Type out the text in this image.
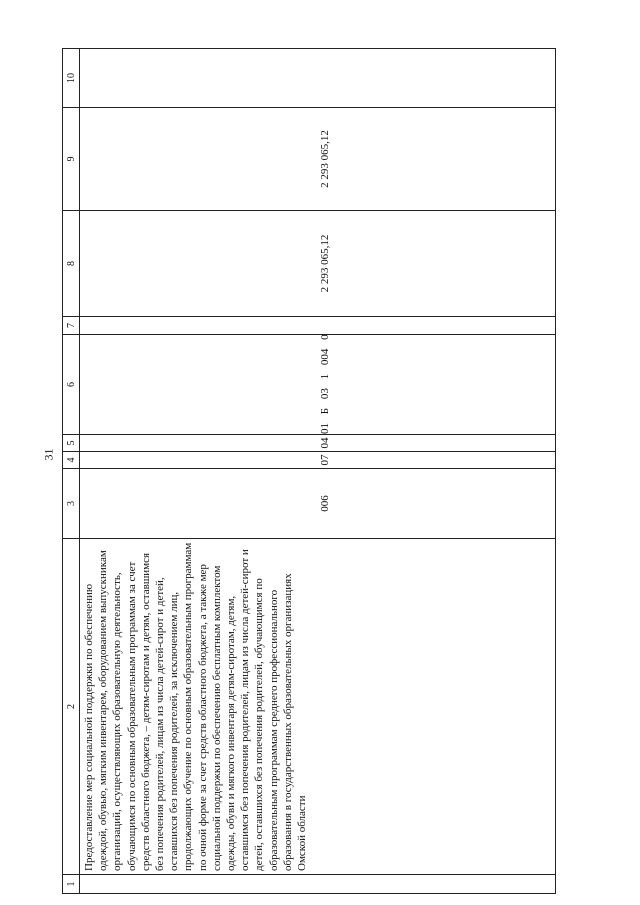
31
1	2	3	4	5	6	7	8	9	10

	Предоставление мер социальной поддержки по обеспечению одеждой, обувью, мягким инвентарем, оборудованием выпускникам организаций, осуществляющих образовательную деятельность, обучающимся по основным образовательным программам за счет средств областного бюджета, – детям-сиротам и детям, оставшимся без попечения родителей, лицам из числа детей-сирот и детей, оставшихся без попечения родителей, за исключением лиц, продолжающих обучение по основным образовательным программам по очной форме за счет средств областного бюджета, а также мер социальной поддержки по обеспечению бесплатным комплектом одежды, обуви и мягкого инвентаря детям-сиротам, детям, оставшимся без попечения родителей, лицам из числа детей-сирот и детей, оставшихся без попечения родителей, обучающимся по образовательным программам среднего профессионального образования в государственных образовательных организациях Омской области	006	07	04	01 Б 03 1 004 0		2 293 065,12	2 293 065,12	
